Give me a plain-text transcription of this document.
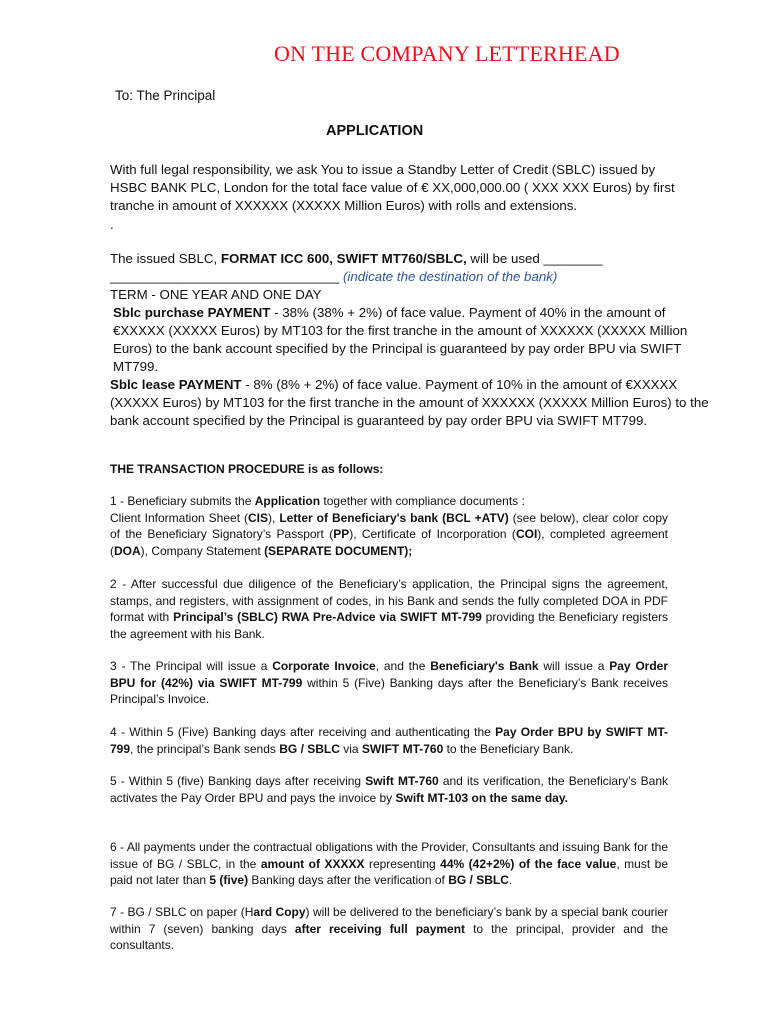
ON THE COMPANY LETTERHEAD
To: The Principal
APPLICATION

With full legal responsibility, we ask You to issue a Standby Letter of Credit (SBLC) issued by

HSBC BANK PLC, London for the total face value of € XX,000,000.00 ( XXX XXX Euros) by first

tranche in amount of XXXXXX (XXXXX Million Euros) with rolls and extensions.

.

The issued SBLC, FORMAT ICC 600, SWIFT MT760/SBLC, will be used ________

_______________________________ (indicate the destination of the bank)

TERM - ONE YEAR AND ONE DAY

Sblc purchase PAYMENT - 38% (38% + 2%) of face value. Payment of 40% in the amount of €XXXXX (XXXXX Euros) by MT103 for the first tranche in the amount of XXXXXX (XXXXX Million Euros) to the bank account specified by the Principal is guaranteed by pay order BPU via SWIFT MT799.

Sblc lease PAYMENT - 8% (8% + 2%) of face value. Payment of 10% in the amount of €XXXXX (XXXXX Euros) by MT103 for the first tranche in the amount of XXXXXX (XXXXX Million Euros) to the bank account specified by the Principal is guaranteed by pay order BPU via SWIFT MT799.

THE TRANSACTION PROCEDURE is as follows:

1 - Beneficiary submits the Application together with compliance documents :
Client Information Sheet (CIS), Letter of Beneficiary's bank (BCL +ATV) (see below), clear color copy of the Beneficiary Signatory’s Passport (PP), Certificate of Incorporation (COI), completed agreement (DOA), Company Statement (SEPARATE DOCUMENT);

2 - After successful due diligence of the Beneficiary’s application, the Principal signs the agreement, stamps, and registers, with assignment of codes, in his Bank and sends the fully completed DOA in PDF format with Principal’s (SBLC) RWA Pre-Advice via SWIFT MT-799 providing the Beneficiary registers the agreement with his Bank.

3 - The Principal will issue a Corporate Invoice, and the Beneficiary's Bank will issue a Pay Order BPU for (42%) via SWIFT MT-799 within 5 (Five) Banking days after the Beneficiary’s Bank receives Principal’s Invoice.

4 - Within 5 (Five) Banking days after receiving and authenticating the Pay Order BPU by SWIFT MT-799, the principal’s Bank sends BG / SBLC via SWIFT MT-760 to the Beneficiary Bank.

5 - Within 5 (five) Banking days after receiving Swift MT-760 and its verification, the Beneficiary’s Bank activates the Pay Order BPU and pays the invoice by Swift MT-103 on the same day.

6 - All payments under the contractual obligations with the Provider, Consultants and issuing Bank for the issue of BG / SBLC, in the amount of XXXXX representing 44% (42+2%) of the face value, must be paid not later than 5 (five) Banking days after the verification of BG / SBLC.

7 - BG / SBLC on paper (Hard Copy) will be delivered to the beneficiary’s bank by a special bank courier within 7 (seven) banking days after receiving full payment to the principal, provider and the consultants.
